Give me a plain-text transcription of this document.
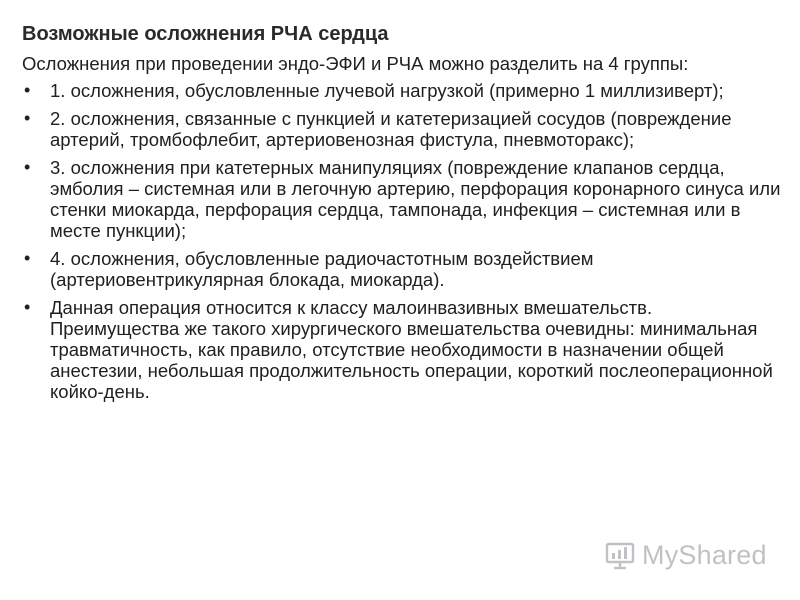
Возможные осложнения РЧА сердца

Осложнения при проведении эндо-ЭФИ и РЧА можно разделить на 4 группы:

• 1. осложнения, обусловленные лучевой нагрузкой (примерно 1 миллизиверт);
• 2. осложнения, связанные с пункцией и катетеризацией сосудов (повреждение артерий, тромбофлебит, артериовенозная фистула, пневмоторакс);
• 3. осложнения при катетерных манипуляциях (повреждение клапанов сердца, эмболия – системная или в легочную артерию, перфорация коронарного синуса или стенки миокарда, перфорация сердца, тампонада, инфекция – системная или в месте пункции);
• 4. осложнения, обусловленные радиочастотным воздействием (артериовентрикулярная блокада, миокарда).
• Данная операция относится к классу малоинвазивных вмешательств. Преимущества же такого хирургического вмешательства очевидны: минимальная травматичность, как правило, отсутствие необходимости в назначении общей анестезии, небольшая продолжительность операции, короткий послеоперационной койко-день.
MyShared
